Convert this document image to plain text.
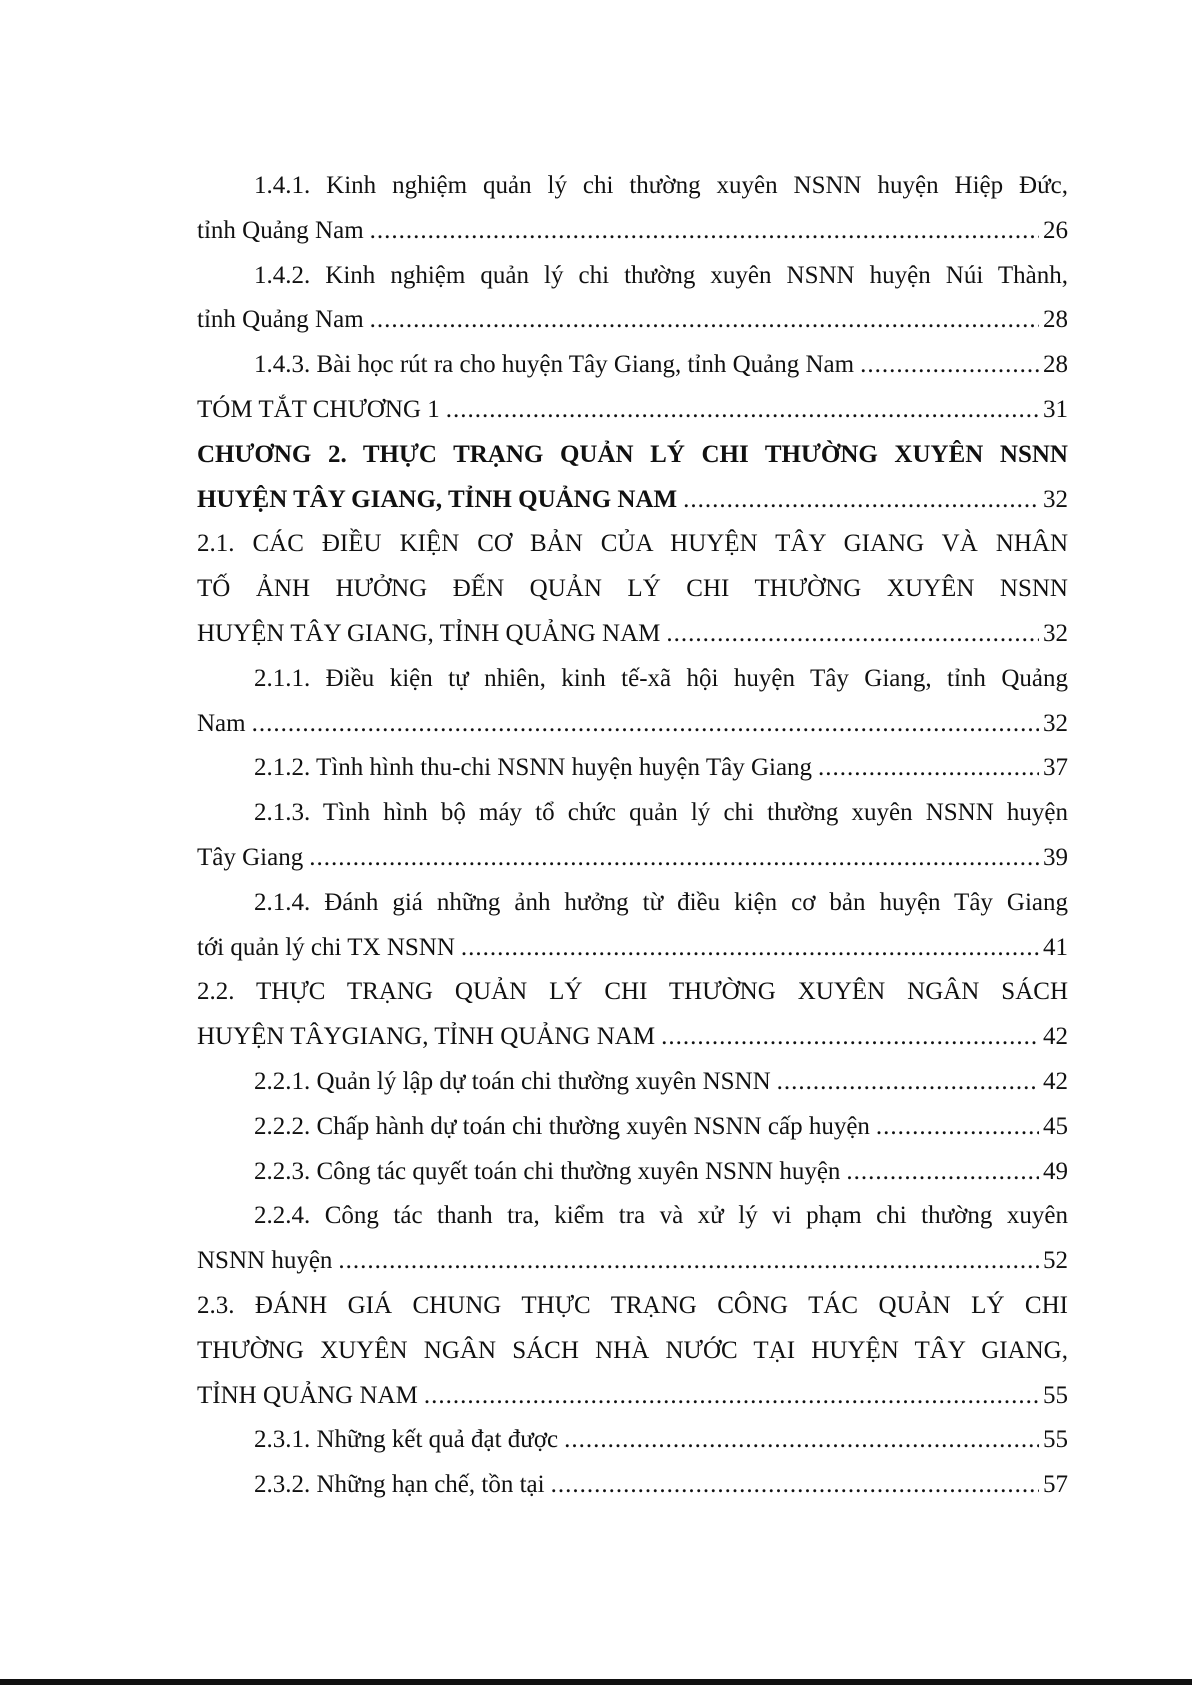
1.4.1. Kinh nghiệm quản lý chi thường xuyên NSNN huyện Hiệp Đức,
tỉnh Quảng Nam .....	26
1.4.2. Kinh nghiệm quản lý chi thường xuyên NSNN huyện Núi Thành,
tỉnh Quảng Nam .....	28
1.4.3. Bài học rút ra cho huyện Tây Giang, tỉnh Quảng Nam .....	28
TÓM TẮT CHƯƠNG 1 .....	31
CHƯƠNG 2. THỰC TRẠNG QUẢN LÝ CHI THƯỜNG XUYÊN NSNN
HUYỆN TÂY GIANG, TỈNH QUẢNG NAM .....	32
2.1. CÁC ĐIỀU KIỆN CƠ BẢN CỦA HUYỆN TÂY GIANG VÀ NHÂN
TỐ ẢNH HƯỞNG ĐẾN QUẢN LÝ CHI THƯỜNG XUYÊN NSNN
HUYỆN TÂY GIANG, TỈNH QUẢNG NAM .....	32
2.1.1. Điều kiện tự nhiên, kinh tế-xã hội huyện Tây Giang, tỉnh Quảng
Nam .....	32
2.1.2. Tình hình thu-chi NSNN huyện huyện Tây Giang .....	37
2.1.3. Tình hình bộ máy tổ chức quản lý chi thường xuyên NSNN huyện
Tây Giang .....	39
2.1.4. Đánh giá những ảnh hưởng từ điều kiện cơ bản huyện Tây Giang
tới quản lý chi TX NSNN .....	41
2.2. THỰC TRẠNG QUẢN LÝ CHI THƯỜNG XUYÊN NGÂN SÁCH
HUYỆN TÂYGIANG, TỈNH QUẢNG NAM .....	42
2.2.1. Quản lý lập dự toán chi thường xuyên NSNN .....	42
2.2.2. Chấp hành dự toán chi thường xuyên NSNN cấp huyện .....	45
2.2.3. Công tác quyết toán chi thường xuyên NSNN huyện .....	49
2.2.4. Công tác thanh tra, kiểm tra và xử lý vi phạm chi thường xuyên
NSNN huyện .....	52
2.3. ĐÁNH GIÁ CHUNG THỰC TRẠNG CÔNG TÁC QUẢN LÝ CHI
THƯỜNG XUYÊN NGÂN SÁCH NHÀ NƯỚC TẠI HUYỆN TÂY GIANG,
TỈNH QUẢNG NAM .....	55
2.3.1. Những kết quả đạt được .....	55
2.3.2. Những hạn chế, tồn tại .....	57
